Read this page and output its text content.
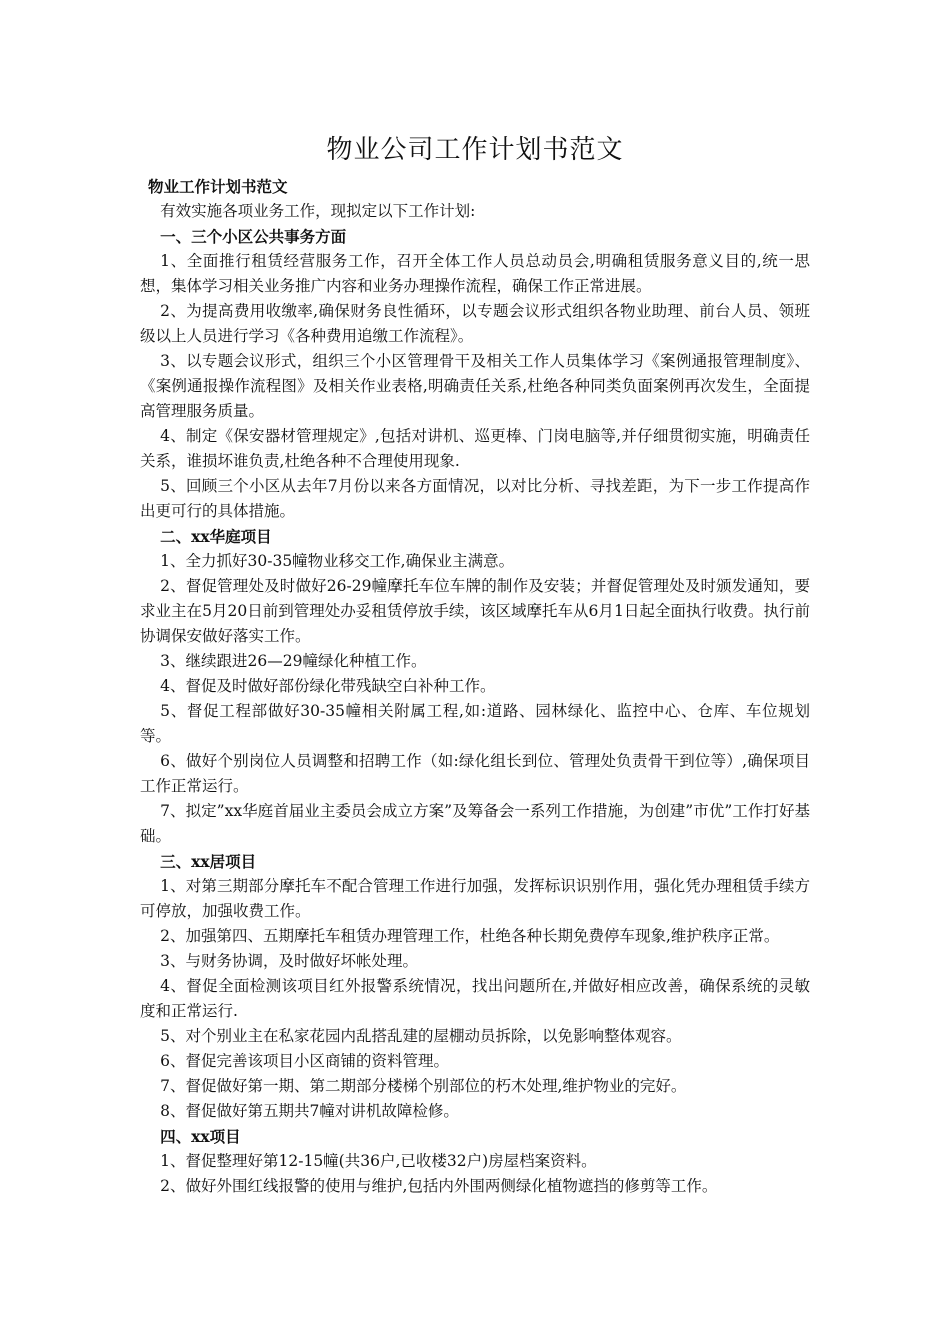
物业公司工作计划书范文

物业工作计划书范文

有效实施各项业务工作，现拟定以下工作计划:

一、三个小区公共事务方面

1、全面推行租赁经营服务工作，召开全体工作人员总动员会,明确租赁服务意义目的,统一思想，集体学习相关业务推广内容和业务办理操作流程，确保工作正常进展。

2、为提高费用收缴率,确保财务良性循环，以专题会议形式组织各物业助理、前台人员、领班级以上人员进行学习《各种费用追缴工作流程》。

3、以专题会议形式，组织三个小区管理骨干及相关工作人员集体学习《案例通报管理制度》、《案例通报操作流程图》及相关作业表格,明确责任关系,杜绝各种同类负面案例再次发生，全面提高管理服务质量。

4、制定《保安器材管理规定》,包括对讲机、巡更棒、门岗电脑等,并仔细贯彻实施，明确责任关系，谁损坏谁负责,杜绝各种不合理使用现象.

5、回顾三个小区从去年7月份以来各方面情况，以对比分析、寻找差距，为下一步工作提高作出更可行的具体措施。

二、xx华庭项目

1、全力抓好30-35幢物业移交工作,确保业主满意。

2、督促管理处及时做好26-29幢摩托车位车牌的制作及安装；并督促管理处及时颁发通知，要求业主在5月20日前到管理处办妥租赁停放手续，该区域摩托车从6月1日起全面执行收费。执行前协调保安做好落实工作。

3、继续跟进26—29幢绿化种植工作。

4、督促及时做好部份绿化带残缺空白补种工作。

5、督促工程部做好30-35幢相关附属工程,如:道路、园林绿化、监控中心、仓库、车位规划等。

6、做好个别岗位人员调整和招聘工作（如:绿化组长到位、管理处负责骨干到位等）,确保项目工作正常运行。

7、拟定”xx华庭首届业主委员会成立方案”及筹备会一系列工作措施，为创建”市优”工作打好基础。

三、xx居项目

1、对第三期部分摩托车不配合管理工作进行加强，发挥标识识别作用，强化凭办理租赁手续方可停放，加强收费工作。

2、加强第四、五期摩托车租赁办理管理工作，杜绝各种长期免费停车现象,维护秩序正常。

3、与财务协调，及时做好坏帐处理。

4、督促全面检测该项目红外报警系统情况，找出问题所在,并做好相应改善，确保系统的灵敏度和正常运行.

5、对个别业主在私家花园内乱搭乱建的屋棚动员拆除，以免影响整体观容。

6、督促完善该项目小区商铺的资料管理。

7、督促做好第一期、第二期部分楼梯个别部位的朽木处理,维护物业的完好。

8、督促做好第五期共7幢对讲机故障检修。

四、xx项目

1、督促整理好第12-15幢(共36户,已收楼32户)房屋档案资料。

2、做好外围红线报警的使用与维护,包括内外围两侧绿化植物遮挡的修剪等工作。
